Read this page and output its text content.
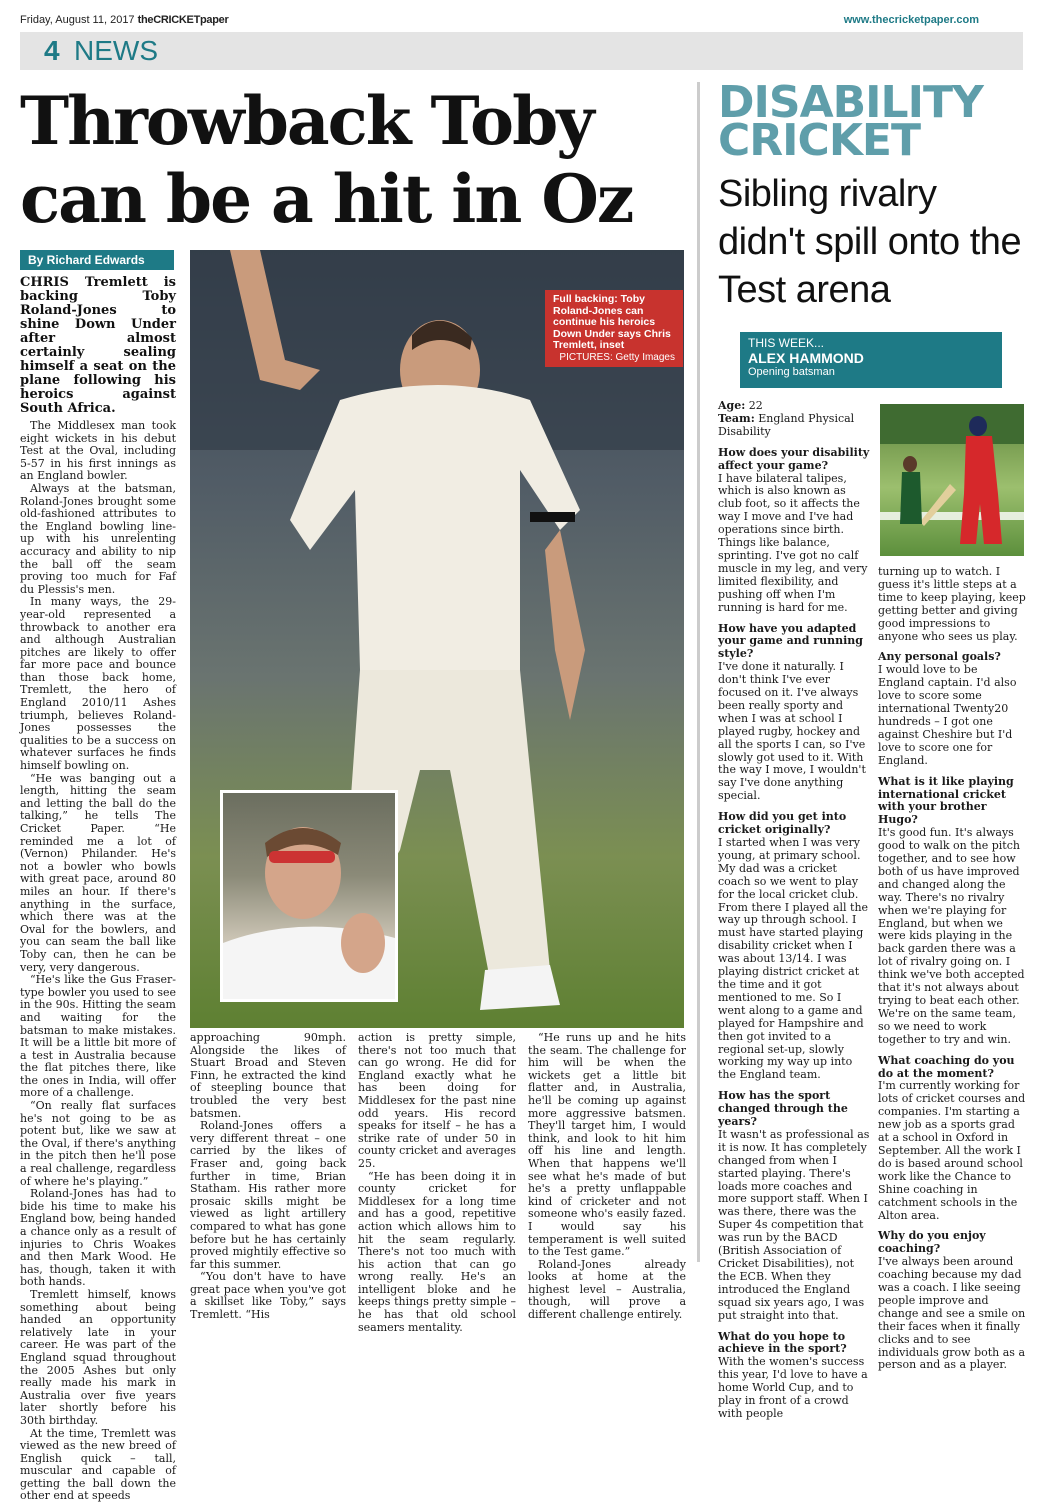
Friday, August 11, 2017 theCRICKETpaper	www.thecricketpaper.com
4 NEWS
Throwback Toby
can be a hit in Oz
By Richard Edwards

CHRIS Tremlett is backing Toby Roland-Jones to shine Down Under after almost certainly sealing himself a seat on the plane following his heroics against South Africa.

The Middlesex man took eight wickets in his debut Test at the Oval, including 5-57 in his first innings as an England bowler.

Always at the batsman, Roland-Jones brought some old-fashioned attributes to the England bowling line-up with his unrelenting accuracy and ability to nip the ball off the seam proving too much for Faf du Plessis's men.

In many ways, the 29-year-old represented a throwback to another era and although Australian pitches are likely to offer far more pace and bounce than those back home, Tremlett, the hero of England 2010/11 Ashes triumph, believes Roland-Jones possesses the qualities to be a success on whatever surfaces he finds himself bowling on.

“He was banging out a length, hitting the seam and letting the ball do the talking,” he tells The Cricket Paper. “He reminded me a lot of (Vernon) Philander. He's not a bowler who bowls with great pace, around 80 miles an hour. If there's anything in the surface, which there was at the Oval for the bowlers, and you can seam the ball like Toby can, then he can be very, very dangerous.

“He's like the Gus Fraser-type bowler you used to see in the 90s. Hitting the seam and waiting for the batsman to make mistakes. It will be a little bit more of a test in Australia because the flat pitches there, like the ones in India, will offer more of a challenge.

“On really flat surfaces he's not going to be as potent but, like we saw at the Oval, if there's anything in the pitch then he'll pose a real challenge, regardless of where he's playing.”

Roland-Jones has had to bide his time to make his England bow, being handed a chance only as a result of injuries to Chris Woakes and then Mark Wood. He has, though, taken it with both hands.

Tremlett himself, knows something about being handed an opportunity relatively late in your career. He was part of the England squad throughout the 2005 Ashes but only really made his mark in Australia over five years later shortly before his 30th birthday.

At the time, Tremlett was viewed as the new breed of English quick – tall, muscular and capable of getting the ball down the other end at speeds

Full backing: Toby Roland-Jones can continue his heroics Down Under says Chris Tremlett, inset
PICTURES: Getty Images

approaching 90mph. Alongside the likes of Stuart Broad and Steven Finn, he extracted the kind of steepling bounce that troubled the very best batsmen.

Roland-Jones offers a very different threat – one carried by the likes of Fraser and, going back further in time, Brian Statham. His rather more prosaic skills might be viewed as light artillery compared to what has gone before but he has certainly proved mightily effective so far this summer.

“You don't have to have great pace when you've got a skillset like Toby,” says Tremlett. “His

action is pretty simple, there's not too much that can go wrong. He did for England exactly what he has been doing for Middlesex for the past nine odd years. His record speaks for itself – he has a strike rate of under 50 in county cricket and averages 25.

“He has been doing it in county cricket for Middlesex for a long time and has a good, repetitive action which allows him to hit the seam regularly. There's not too much with his action that can go wrong really. He's an intelligent bloke and he keeps things pretty simple – he has that old school seamers mentality.

“He runs up and he hits the seam. The challenge for him will be when the wickets get a little bit flatter and, in Australia, he'll be coming up against more aggressive batsmen. They'll target him, I would think, and look to hit him off his line and length. When that happens we'll see what he's made of but he's a pretty unflappable kind of cricketer and not someone who's easily fazed. I would say his temperament is well suited to the Test game.”

Roland-Jones already looks at home at the highest level – Australia, though, will prove a different challenge entirely.

DISABILITY
CRICKET
Sibling rivalry didn't spill onto the Test arena
THIS WEEK...
ALEX HAMMOND
Opening batsman
Age: 22
Team: England Physical Disability
How does your disability affect your game?
I have bilateral talipes, which is also known as club foot, so it affects the way I move and I've had operations since birth. Things like balance, sprinting. I've got no calf muscle in my leg, and very limited flexibility, and pushing off when I'm running is hard for me.
How have you adapted your game and running style?
I've done it naturally. I don't think I've ever focused on it. I've always been really sporty and when I was at school I played rugby, hockey and all the sports I can, so I've slowly got used to it. With the way I move, I wouldn't say I've done anything special.
How did you get into cricket originally?
I started when I was very young, at primary school. My dad was a cricket coach so we went to play for the local cricket club. From there I played all the way up through school. I must have started playing disability cricket when I was about 13/14. I was playing district cricket at the time and it got mentioned to me. So I went along to a game and played for Hampshire and then got invited to a regional set-up, slowly working my way up into the England team.
How has the sport changed through the years?
It wasn't as professional as it is now. It has completely changed from when I started playing. There's loads more coaches and more support staff. When I was there, there was the Super 4s competition that was run by the BACD (British Association of Cricket Disabilities), not the ECB. When they introduced the England squad six years ago, I was put straight into that.
What do you hope to achieve in the sport?
With the women's success this year, I'd love to have a home World Cup, and to play in front of a crowd with people
turning up to watch. I guess it's little steps at a time to keep playing, keep getting better and giving good impressions to anyone who sees us play.
Any personal goals?
I would love to be England captain. I'd also love to score some international Twenty20 hundreds – I got one against Cheshire but I'd love to score one for England.
What is it like playing international cricket with your brother Hugo?
It's good fun. It's always good to walk on the pitch together, and to see how both of us have improved and changed along the way. There's no rivalry when we're playing for England, but when we were kids playing in the back garden there was a lot of rivalry going on. I think we've both accepted that it's not always about trying to beat each other. We're on the same team, so we need to work together to try and win.
What coaching do you do at the moment?
I'm currently working for lots of cricket courses and companies. I'm starting a new job as a sports grad at a school in Oxford in September. All the work I do is based around school work like the Chance to Shine coaching in catchment schools in the Alton area.
Why do you enjoy coaching?
I've always been around coaching because my dad was a coach. I like seeing people improve and change and see a smile on their faces when it finally clicks and to see individuals grow both as a person and as a player.
